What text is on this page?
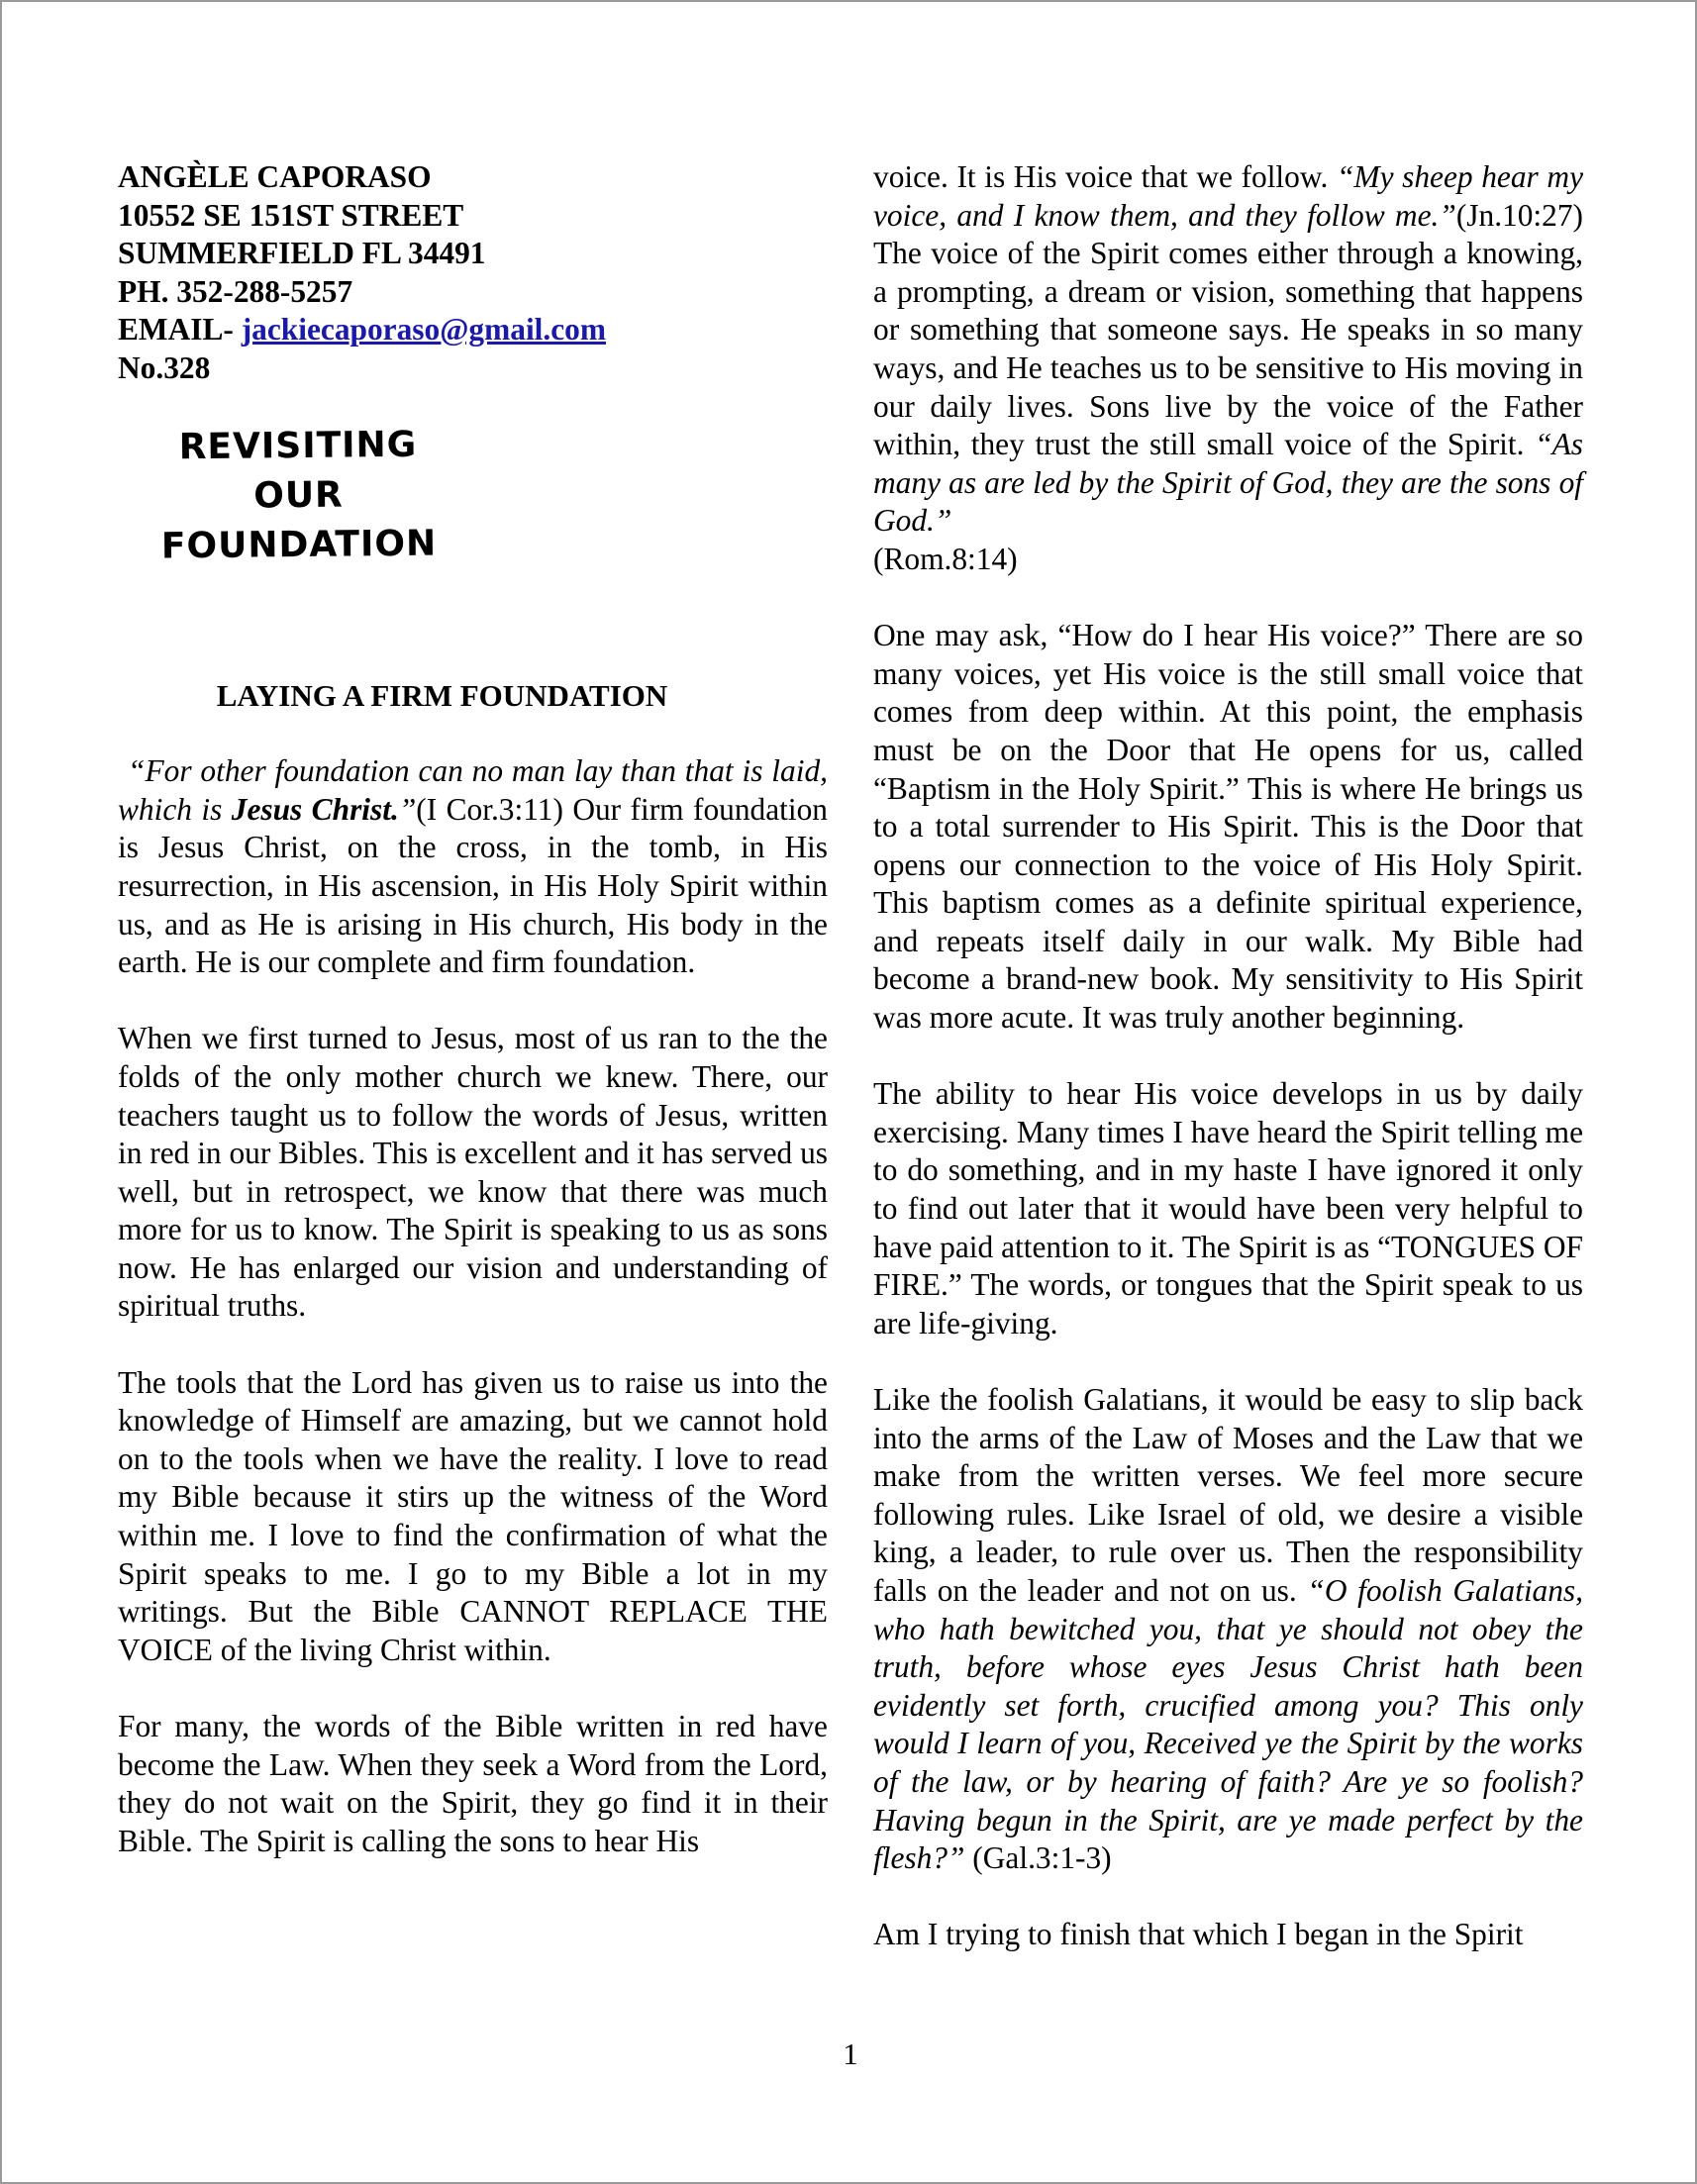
ANGÈLE CAPORASO

10552 SE 151ST STREET

SUMMERFIELD FL 34491

PH. 352-288-5257

EMAIL- jackiecaporaso@gmail.com

No.328

REVISITING
OUR
FOUNDATION
LAYING A FIRM FOUNDATION

“For other foundation can no man lay than that is laid, which is Jesus Christ.”(I Cor.3:11) Our firm foundation is Jesus Christ, on the cross, in the tomb, in His resurrection, in His ascension, in His Holy Spirit within us, and as He is arising in His church, His body in the earth. He is our complete and firm foundation.

When we first turned to Jesus, most of us ran to the the folds of the only mother church we knew. There, our teachers taught us to follow the words of Jesus, written in red in our Bibles. This is excellent and it has served us well, but in retrospect, we know that there was much more for us to know. The Spirit is speaking to us as sons now. He has enlarged our vision and understanding of spiritual truths.

The tools that the Lord has given us to raise us into the knowledge of Himself are amazing, but we cannot hold on to the tools when we have the reality. I love to read my Bible because it stirs up the witness of the Word within me. I love to find the confirmation of what the Spirit speaks to me. I go to my Bible a lot in my writings. But the Bible CANNOT REPLACE THE VOICE of the living Christ within.

For many, the words of the Bible written in red have become the Law. When they seek a Word from the Lord, they do not wait on the Spirit, they go find it in their Bible. The Spirit is calling the sons to hear His

voice. It is His voice that we follow. “My sheep hear my voice, and I know them, and they follow me.”(Jn.10:27) The voice of the Spirit comes either through a knowing, a prompting, a dream or vision, something that happens or something that someone says. He speaks in so many ways, and He teaches us to be sensitive to His moving in our daily lives. Sons live by the voice of the Father within, they trust the still small voice of the Spirit. “As many as are led by the Spirit of God, they are the sons of God.”
(Rom.8:14)

One may ask, “How do I hear His voice?” There are so many voices, yet His voice is the still small voice that comes from deep within. At this point, the emphasis must be on the Door that He opens for us, called “Baptism in the Holy Spirit.” This is where He brings us to a total surrender to His Spirit. This is the Door that opens our connection to the voice of His Holy Spirit. This baptism comes as a definite spiritual experience, and repeats itself daily in our walk. My Bible had become a brand-new book. My sensitivity to His Spirit was more acute. It was truly another beginning.

The ability to hear His voice develops in us by daily exercising. Many times I have heard the Spirit telling me to do something, and in my haste I have ignored it only to find out later that it would have been very helpful to have paid attention to it. The Spirit is as “TONGUES OF FIRE.” The words, or tongues that the Spirit speak to us are life-giving.

Like the foolish Galatians, it would be easy to slip back into the arms of the Law of Moses and the Law that we make from the written verses. We feel more secure following rules. Like Israel of old, we desire a visible king, a leader, to rule over us. Then the responsibility falls on the leader and not on us. “O foolish Galatians, who hath bewitched you, that ye should not obey the truth, before whose eyes Jesus Christ hath been evidently set forth, crucified among you? This only would I learn of you, Received ye the Spirit by the works of the law, or by hearing of faith? Are ye so foolish? Having begun in the Spirit, are ye made perfect by the flesh?” (Gal.3:1-3)

Am I trying to finish that which I began in the Spirit

1
